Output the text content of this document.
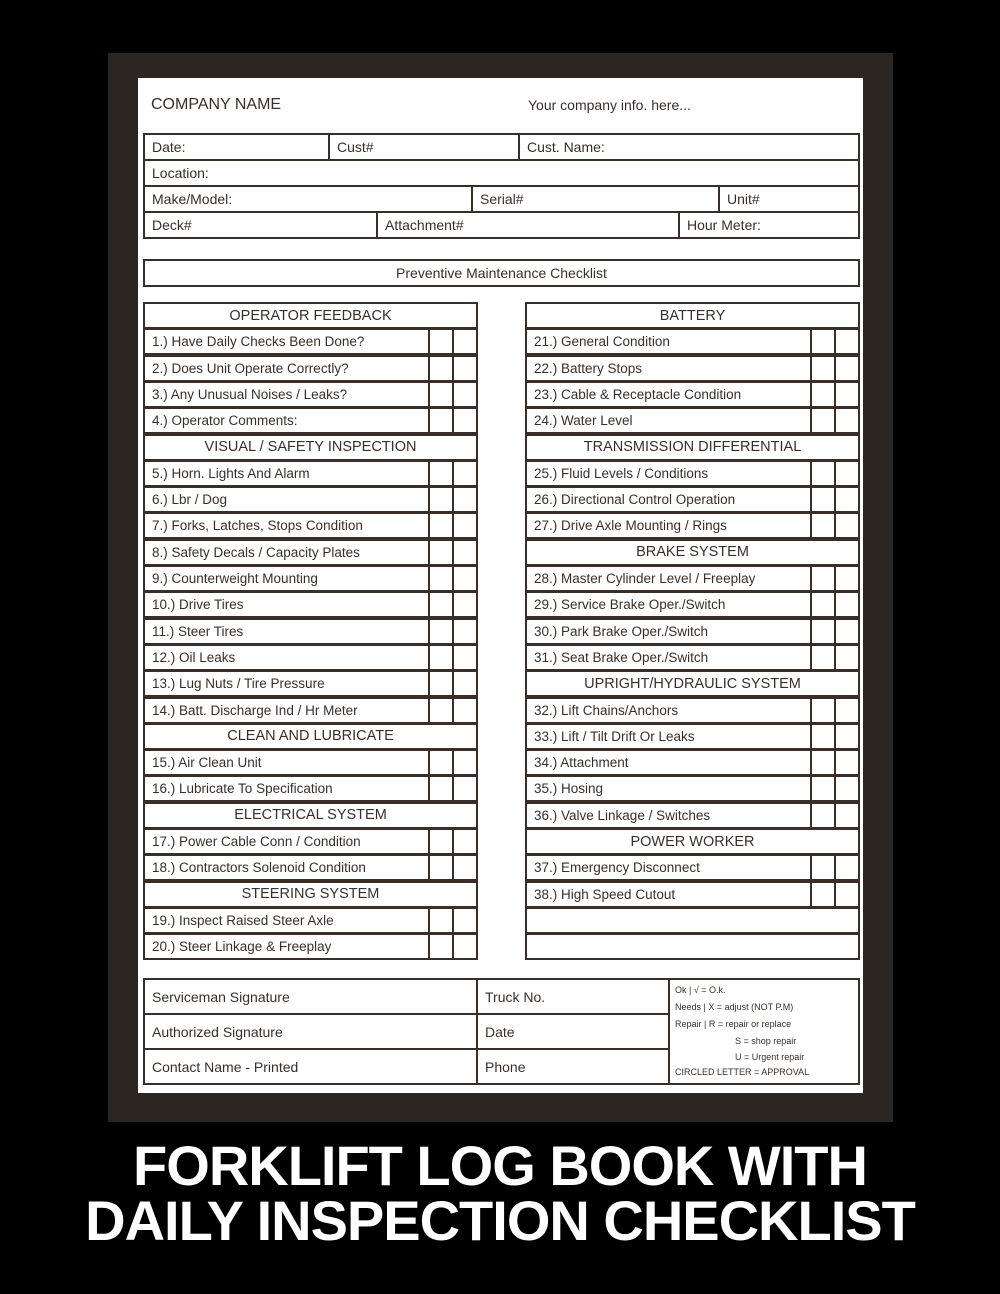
COMPANY NAME	Your company info. here...
Date:	Cust#	Cust. Name:
Location:
Make/Model:	Serial#	Unit#
Deck#	Attachment#	Hour Meter:
Preventive Maintenance Checklist
OPERATOR FEEDBACK
1.) Have Daily Checks Been Done?
2.) Does Unit Operate Correctly?
3.) Any Unusual Noises / Leaks?
4.) Operator Comments:
VISUAL / SAFETY INSPECTION
5.) Horn. Lights And Alarm
6.) Lbr / Dog
7.) Forks, Latches, Stops Condition
8.) Safety Decals / Capacity Plates
9.) Counterweight Mounting
10.) Drive Tires
11.) Steer Tires
12.) Oil Leaks
13.) Lug Nuts / Tire Pressure
14.) Batt. Discharge Ind / Hr Meter
CLEAN AND LUBRICATE
15.) Air Clean Unit
16.) Lubricate To Specification
ELECTRICAL SYSTEM
17.) Power Cable Conn / Condition
18.) Contractors Solenoid Condition
STEERING SYSTEM
19.) Inspect Raised Steer Axle
20.) Steer Linkage & Freeplay
BATTERY
21.) General Condition
22.) Battery Stops
23.) Cable & Receptacle Condition
24.) Water Level
TRANSMISSION DIFFERENTIAL
25.) Fluid Levels / Conditions
26.) Directional Control Operation
27.) Drive Axle Mounting / Rings
BRAKE SYSTEM
28.) Master Cylinder Level / Freeplay
29.) Service Brake Oper./Switch
30.) Park Brake Oper./Switch
31.) Seat Brake Oper./Switch
UPRIGHT/HYDRAULIC SYSTEM
32.) Lift Chains/Anchors
33.) Lift / Tilt Drift Or Leaks
34.) Attachment
35.) Hosing
36.) Valve Linkage / Switches
POWER WORKER
37.) Emergency Disconnect
38.) High Speed Cutout
Serviceman Signature	Truck No.
Authorized Signature	Date
Contact Name - Printed	Phone
Ok | √ = O.k.
Needs | X = adjust (NOT P.M)
Repair | R = repair or replace
S = shop repair
U = Urgent repair
CIRCLED LETTER = APPROVAL
FORKLIFT LOG BOOK WITH
DAILY INSPECTION CHECKLIST
